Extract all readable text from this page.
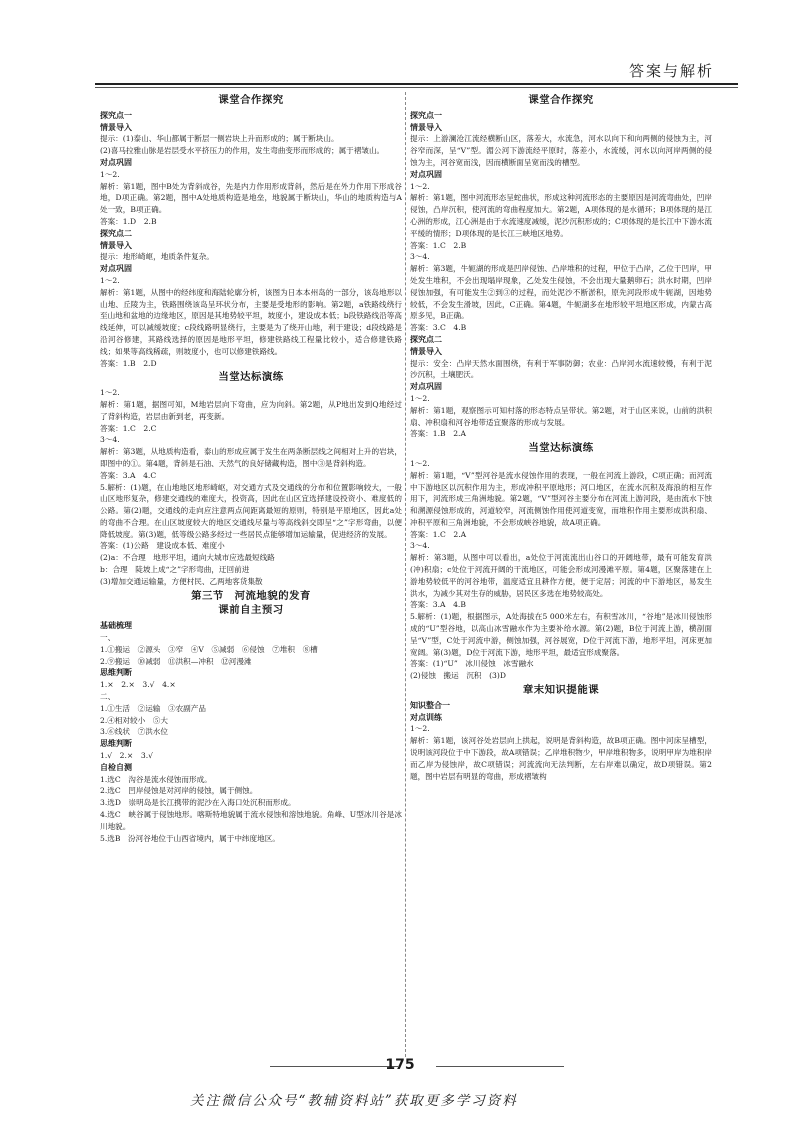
答案与解析
课堂合作探究
探究点一
情景导入
提示：(1)泰山、华山都属于断层一侧岩块上升而形成的；属于断块山。
(2)喜马拉雅山脉是岩层受水平挤压力的作用，发生弯曲变形而形成的；属于褶皱山。
对点巩固
1～2.
解析：第1题，图中B处为背斜成谷，先是内力作用形成背斜，然后是在外力作用下形成谷地，D项正确。第2题，图中A处地质构造是地垒，地貌属于断块山，华山的地质构造与A处一致，B项正确。
答案：1.D　2.B
探究点二
情景导入
提示：地形崎岖，地质条件复杂。
对点巩固
1～2.
解析：第1题，从图中的经纬度和海陆轮廓分析，该图为日本本州岛的一部分，该岛地形以山地、丘陵为主，铁路围绕该岛呈环状分布，主要是受地形的影响。第2题，a铁路线绕行至山地和盆地的边缘地区，原因是其地势较平坦，坡度小，建设成本低；b段铁路线沿等高线延伸，可以减缓坡度；c段线路明显绕行，主要是为了绕开山地，利于建设；d段线路是沿河谷修建，其路线选择的原因是地形平坦，修建铁路线工程量比较小，适合修建铁路线；如果等高线稀疏，则坡度小，也可以修建铁路线。
答案：1.B　2.D
当堂达标演练
1～2.
解析：第1题，据图可知，M地岩层向下弯曲，应为向斜。第2题，从P地出发到Q地经过了背斜构造，岩层由新到老，再变新。
答案：1.C　2.C
3～4.
解析：第3题，从地质构造看，泰山的形成应属于发生在两条断层线之间相对上升的岩块，即图中的①。第4题，背斜是石油、天然气的良好储藏构造，图中③是背斜构造。
答案：3.A　4.C
5.解析：(1)题，在山地地区地形崎岖，对交通方式及交通线的分布和位置影响较大，一般山区地形复杂，修建交通线的难度大，投资高，因此在山区宜选择建设投资小、难度低的公路。第(2)题，交通线的走向应注意两点间距离最短的原则，特别是平原地区，因此a处的弯曲不合理。在山区坡度较大的地区交通线尽量与等高线斜交即呈“之”字形弯曲，以便降低坡度。第(3)题，低等级公路多经过一些居民点能够增加运输量，促进经济的发展。
答案：(1)公路　建设成本低、难度小
(2)a：不合理　地形平坦，通向大城市应选最短线路
b：合理　陡坡上成“之”字形弯曲，迂回前进
(3)增加交通运输量，方便村民、乙两地客货集散
第三节　河流地貌的发育
课前自主预习
基础梳理
一、
1.①搬运　②源头　③窄　④V　⑤减弱　⑥侵蚀　⑦堆积　⑧槽
2.⑨搬运　⑩减弱　⑪洪积—冲积　⑫河漫滩
思维判断
1.×　2.×　3.√　4.×
二、
1.①生活　②运输　③农副产品
2.④相对较小　⑤大
3.⑥线状　⑦洪水位
思维判断
1.√　2.×　3.√
自检自测
1.选C　沟谷是流水侵蚀而形成。
2.选C　凹岸侵蚀是对河岸的侵蚀，属于侧蚀。
3.选D　崇明岛是长江携带的泥沙在入海口处沉积而形成。
4.选C　峡谷属于侵蚀地形。喀斯特地貌属于流水侵蚀和溶蚀地貌。角峰、U型冰川谷是冰川地貌。
5.选B　汾河谷地位于山西省境内，属于中纬度地区。
课堂合作探究
探究点一
情景导入
提示：上游澜沧江流经横断山区，落差大，水流急，河水以向下和向两侧的侵蚀为主，河谷窄而深，呈“V”型。湄公河下游流经平原时，落差小，水流缓，河水以向河岸两侧的侵蚀为主，河谷宽而浅，因而横断面呈宽而浅的槽型。
对点巩固
1～2.
解析：第1题，图中河流形态呈蛇曲状，形成这种河流形态的主要原因是河流弯曲处，凹岸侵蚀，凸岸沉积，使河流的弯曲程度加大。第2题，A项体现的是水循环；B项体现的是江心洲的形成，江心洲是由于水流速度减缓，泥沙沉积形成的；C项体现的是长江中下游水流平缓的情形；D项体现的是长江三峡地区地势。
答案：1.C　2.B
3～4.
解析：第3题，牛轭湖的形成是凹岸侵蚀、凸岸堆积的过程，甲位于凸岸，乙位于凹岸，甲处发生堆积，不会出现塌岸现象，乙处发生侵蚀，不会出现大量鹅卵石；洪水时期，凹岸侵蚀加强，有可能发生②到③的过程，而处泥沙不断淤积，原先河段形成牛轭湖，因地势较低，不会发生滑坡，因此，C正确。第4题，牛轭湖多在地形较平坦地区形成，内蒙古高原多见，B正确。
答案：3.C　4.B
探究点二
情景导入
提示：安全：凸岸天然水面围绕，有利于军事防御；农业：凸岸河水流速较慢，有利于泥沙沉积，土壤肥沃。
对点巩固
1～2.
解析：第1题，观察图示可知村落的形态特点呈带状。第2题，对于山区来说，山前的洪积扇、冲积扇和河谷地带适宜聚落的形成与发展。
答案：1.B　2.A
当堂达标演练
1～2.
解析：第1题，“V”型河谷是流水侵蚀作用的表现，一般在河流上游段，C项正确；而河流中下游地区以沉积作用为主，形成冲积平原地形；河口地区，在流水沉积及海浪的相互作用下，河流形成三角洲地貌。第2题，“V”型河谷主要分布在河流上游河段，是由流水下蚀和溯源侵蚀形成的，河道较窄，河流侧蚀作用使河道变宽，而堆积作用主要形成洪积扇、冲积平原和三角洲地貌，不会形成峡谷地貌，故A项正确。
答案：1.C　2.A
3～4.
解析：第3题，从图中可以看出，a处位于河流流出山谷口的开阔地带，最有可能发育洪(冲)积扇；c处位于河流开阔的干流地区，可能会形成河漫滩平原。第4题，区聚落建在上游地势较低平的河谷地带，温度适宜且耕作方便，便于定居；河流的中下游地区，易发生洪水，为减少其对生存的威胁，居民区多选在地势较高处。
答案：3.A　4.B
5.解析：(1)题，根据图示，A处海拔在5 000米左右，有积雪冰川，“谷地”是冰川侵蚀形成的“U”型谷地，以高山冰雪融水作为主要补给水源。第(2)题，B位于河流上游，横剖面呈“V”型，C处于河流中游，侧蚀加强，河谷展宽，D位于河流下游，地形平坦，河床更加宽阔。第(3)题，D位于河流下游，地形平坦，最适宜形成聚落。
答案：(1)“U”　冰川侵蚀　冰雪融水
(2)侵蚀　搬运　沉积　(3)D
章末知识提能课
知识整合一
对点训练
1～2.
解析：第1题，该河谷处岩层向上拱起，说明是背斜构造，故B项正确。图中河床呈槽型，说明该河段位于中下游段，故A项错误；乙岸堆积物少，甲岸堆积物多，说明甲岸为堆积岸而乙岸为侵蚀岸，故C项错误；河流流向无法判断，左右岸难以确定，故D项错误。第2题，图中岩层有明显的弯曲，形成褶皱构
175
关注微信公众号“教辅资料站”获取更多学习资料
